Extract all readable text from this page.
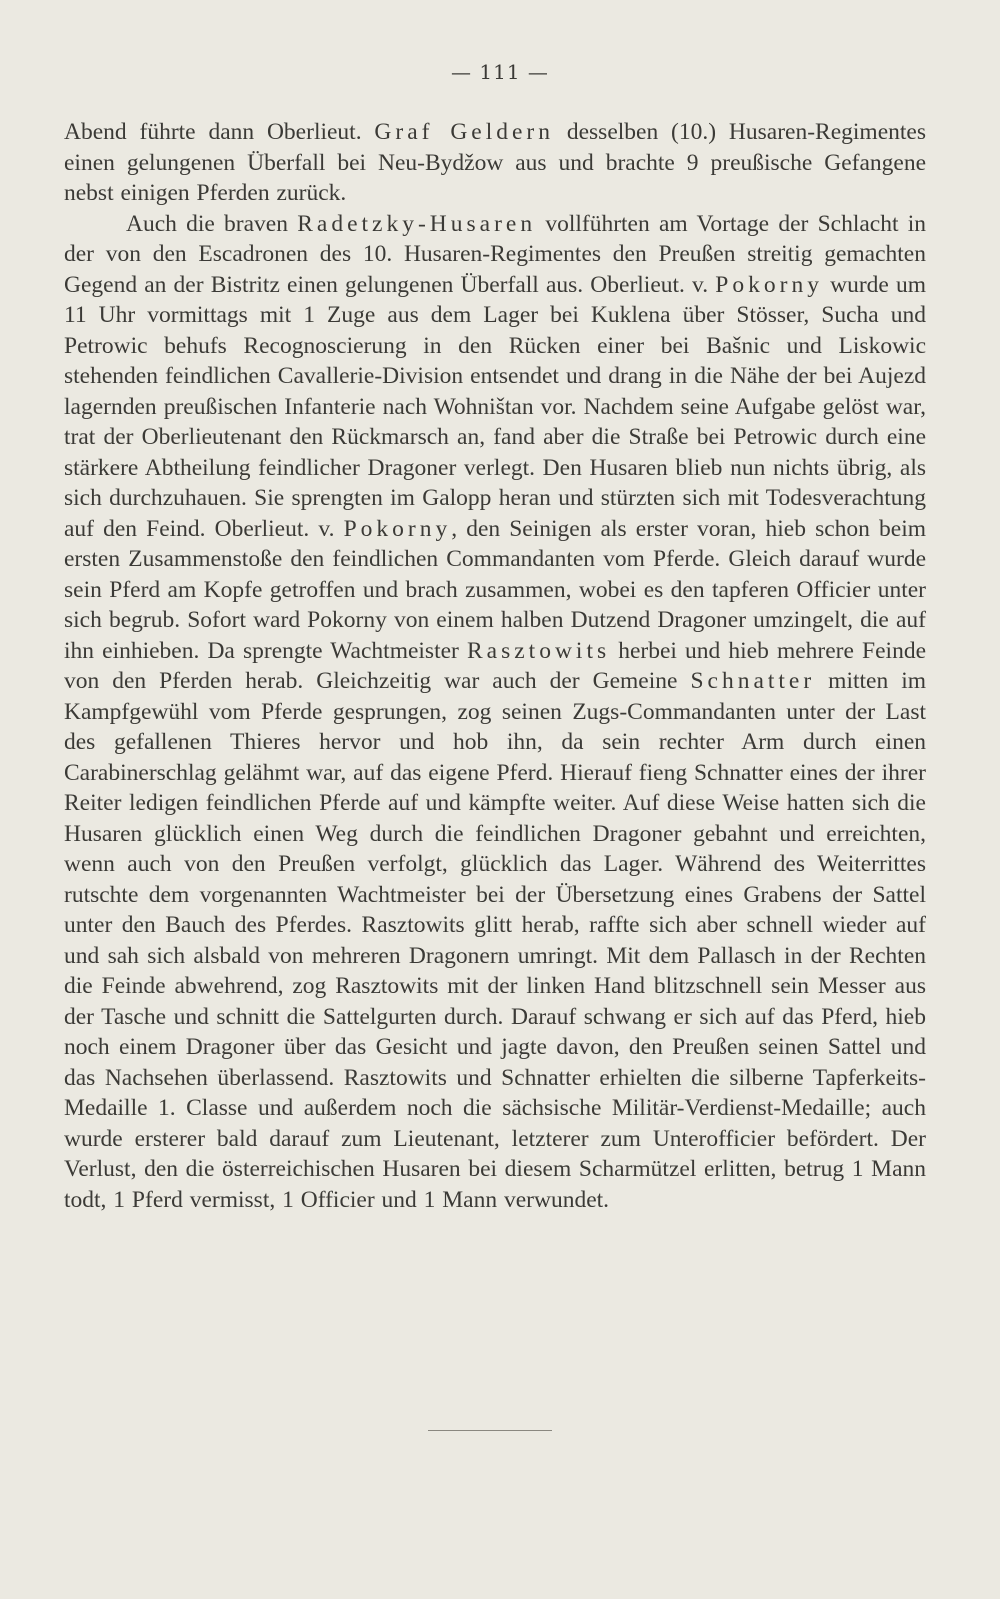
— 111 —

Abend führte dann Oberlieut. Graf Geldern desselben (10.) Husaren-Regimentes einen gelungenen Überfall bei Neu-Bydžow aus und brachte 9 preußische Gefangene nebst einigen Pferden zurück.

Auch die braven Radetzky-Husaren vollführten am Vortage der Schlacht in der von den Escadronen des 10. Husaren-Regimentes den Preußen streitig gemachten Gegend an der Bistritz einen gelungenen Überfall aus. Oberlieut. v. Pokorny wurde um 11 Uhr vormittags mit 1 Zuge aus dem Lager bei Kuklena über Stösser, Sucha und Petrowic behufs Recognoscierung in den Rücken einer bei Bašnic und Liskowic stehenden feindlichen Cavallerie-Division entsendet und drang in die Nähe der bei Aujezd lagernden preußischen Infanterie nach Wohništan vor. Nachdem seine Aufgabe gelöst war, trat der Oberlieutenant den Rückmarsch an, fand aber die Straße bei Petrowic durch eine stärkere Abtheilung feindlicher Dragoner verlegt. Den Husaren blieb nun nichts übrig, als sich durchzuhauen. Sie sprengten im Galopp heran und stürzten sich mit Todesverachtung auf den Feind. Oberlieut. v. Pokorny, den Seinigen als erster voran, hieb schon beim ersten Zusammenstoße den feindlichen Commandanten vom Pferde. Gleich darauf wurde sein Pferd am Kopfe getroffen und brach zusammen, wobei es den tapferen Officier unter sich begrub. Sofort ward Pokorny von einem halben Dutzend Dragoner umzingelt, die auf ihn einhieben. Da sprengte Wachtmeister Rasztowits herbei und hieb mehrere Feinde von den Pferden herab. Gleichzeitig war auch der Gemeine Schnatter mitten im Kampfgewühl vom Pferde gesprungen, zog seinen Zugs-Commandanten unter der Last des gefallenen Thieres hervor und hob ihn, da sein rechter Arm durch einen Carabinerschlag gelähmt war, auf das eigene Pferd. Hierauf fieng Schnatter eines der ihrer Reiter ledigen feindlichen Pferde auf und kämpfte weiter. Auf diese Weise hatten sich die Husaren glücklich einen Weg durch die feindlichen Dragoner gebahnt und erreichten, wenn auch von den Preußen verfolgt, glücklich das Lager. Während des Weiterrittes rutschte dem vorgenannten Wachtmeister bei der Übersetzung eines Grabens der Sattel unter den Bauch des Pferdes. Rasztowits glitt herab, raffte sich aber schnell wieder auf und sah sich alsbald von mehreren Dragonern umringt. Mit dem Pallasch in der Rechten die Feinde abwehrend, zog Rasztowits mit der linken Hand blitzschnell sein Messer aus der Tasche und schnitt die Sattelgurten durch. Darauf schwang er sich auf das Pferd, hieb noch einem Dragoner über das Gesicht und jagte davon, den Preußen seinen Sattel und das Nachsehen überlassend. Rasztowits und Schnatter erhielten die silberne Tapferkeits-Medaille 1. Classe und außerdem noch die sächsische Militär-Verdienst-Medaille; auch wurde ersterer bald darauf zum Lieutenant, letzterer zum Unterofficier befördert. Der Verlust, den die österreichischen Husaren bei diesem Scharmützel erlitten, betrug 1 Mann todt, 1 Pferd vermisst, 1 Officier und 1 Mann verwundet.
